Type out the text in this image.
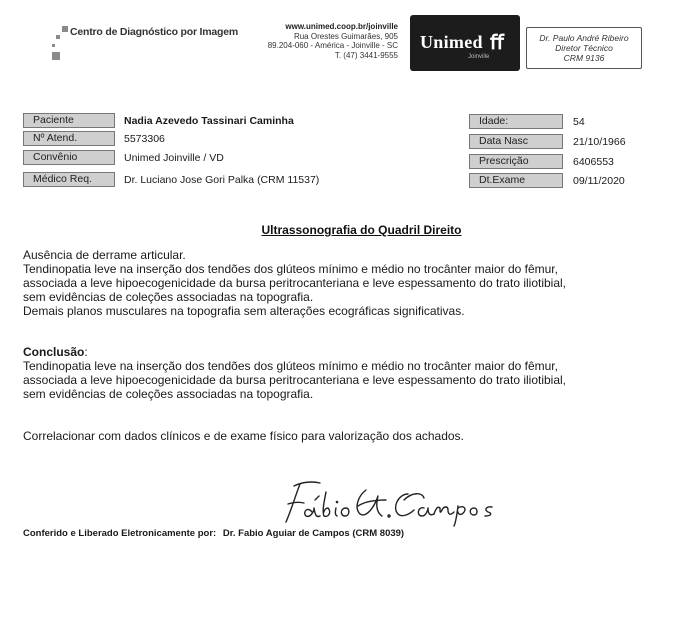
Centro de Diagnóstico por Imagem	www.unimed.coop.br/joinville
Rua Orestes Guimarães, 905
89.204-060 - América - Joinville - SC
T. (47) 3441-9555
Unimed ﬀ
Joinville
Dr. Paulo André Ribeiro
Diretor Técnico
CRM 9136
Paciente	Nadia Azevedo Tassinari Caminha
Nº Atend.	5573306
Convênio	Unimed Joinville / VD
Médico Req.	Dr. Luciano Jose Gori Palka (CRM 11537)
Idade:	54
Data Nasc	21/10/1966
Prescrição	6406553
Dt.Exame	09/11/2020
Ultrassonografia do Quadril Direito

Ausência de derrame articular.

Tendinopatia leve na inserção dos tendões dos glúteos mínimo e médio no trocânter maior do fêmur,

associada a leve hipoecogenicidade da bursa peritrocanteriana e leve espessamento do trato iliotibial,

sem evidências de coleções associadas na topografia.

Demais planos musculares na topografia sem alterações ecográficas significativas.

Conclusão:

Tendinopatia leve na inserção dos tendões dos glúteos mínimo e médio no trocânter maior do fêmur,

associada a leve hipoecogenicidade da bursa peritrocanteriana e leve espessamento do trato iliotibial,

sem evidências de coleções associadas na topografia.

Correlacionar com dados clínicos e de exame físico para valorização dos achados.

Conferido e Liberado Eletronicamente por: Dr. Fabio Aguiar de Campos (CRM 8039)
